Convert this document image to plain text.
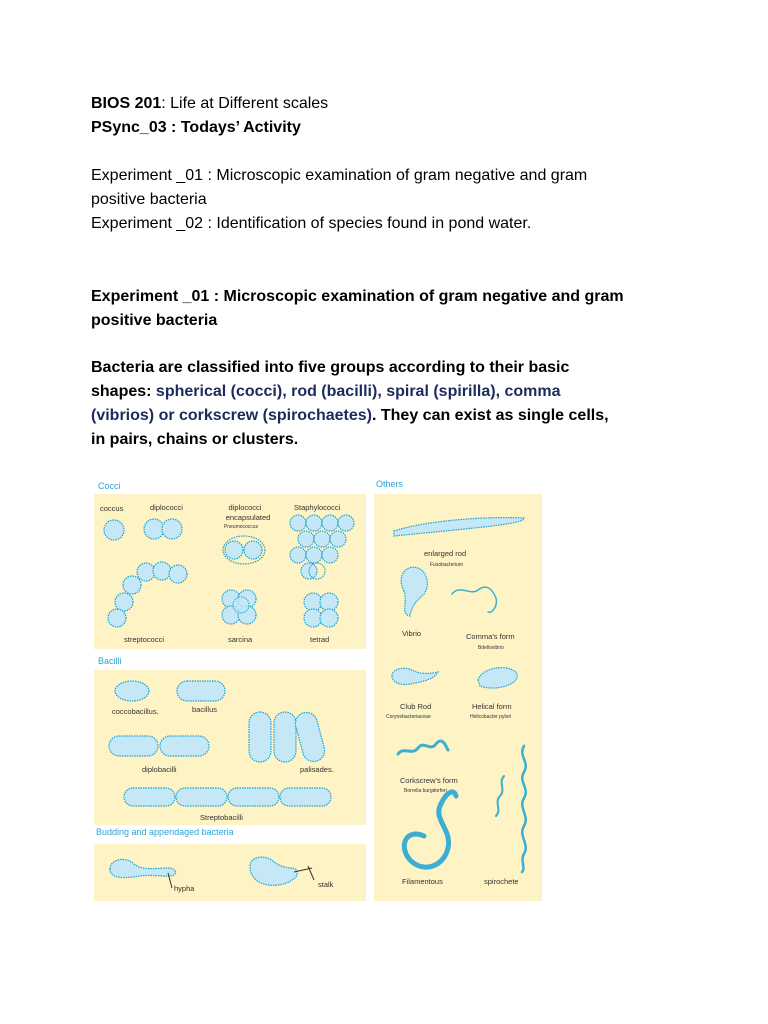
BIOS 201: Life at Different scales
PSync_03 : Todays’ Activity
Experiment _01 : Microscopic examination of gram negative and gram
positive bacteria
Experiment _02 : Identification of species found in pond water.
Experiment _01 : Microscopic examination of gram negative and gram
positive bacteria
Bacteria are classified into five groups according to their basic
shapes: spherical (cocci), rod (bacilli), spiral (spirilla), comma
(vibrios) or corkscrew (spirochaetes). They can exist as single cells,
in pairs, chains or clusters.
Cocci
coccus	diplococci	diplococci
encapsulated
Pneumococcus
Staphylococci
streptococci	sarcina	tetrad
Bacilli
coccobacillus.	bacillus
diplobacilli	palisades.
Streptobacilli
Budding and appendaged bacteria
hypha	stalk
Others
enlarged rod
Fusobacterium
Vibrio	Comma’s form
Bdellovibrio
Club Rod
Corynebacteriaceae
Helical form
Helicobacter pylori
Corkscrew’s form
Borrelia burgdorferi
Filamentous	spirochete
